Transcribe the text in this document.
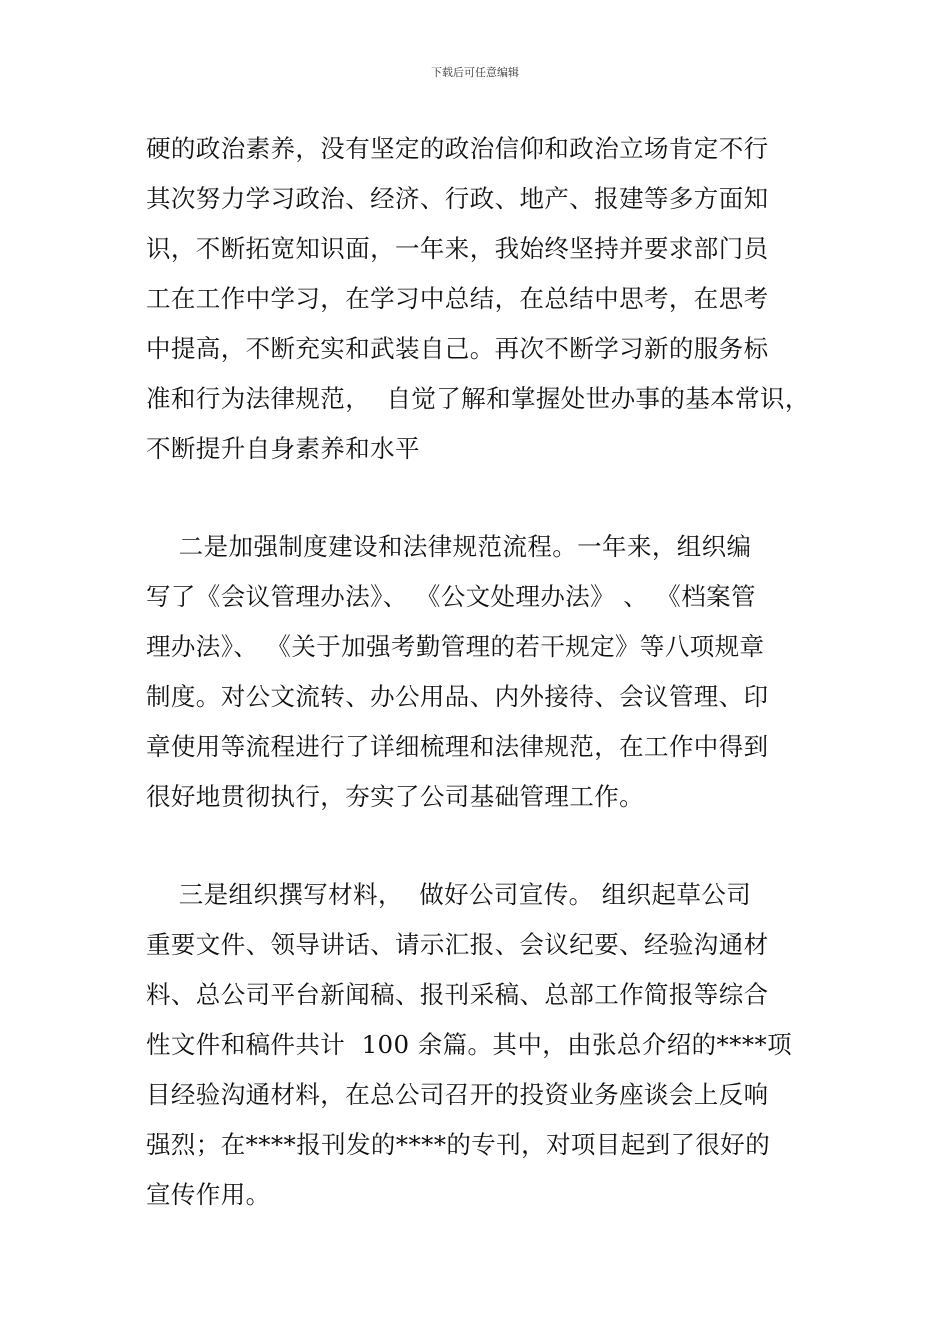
下载后可任意编辑
硬的政治素养，没有坚定的政治信仰和政治立场肯定不行
其次努力学习政治、经济、行政、地产、报建等多方面知
识，不断拓宽知识面，一年来，我始终坚持并要求部门员
工在工作中学习，在学习中总结，在总结中思考，在思考
中提高，不断充实和武装自己。再次不断学习新的服务标
准和行为法律规范，  自觉了解和掌握处世办事的基本常识，
不断提升自身素养和水平
二是加强制度建设和法律规范流程。一年来，组织编
写了《会议管理办法》、 《公文处理办法》 、 《档案管
理办法》、 《关于加强考勤管理的若干规定》等八项规章
制度。对公文流转、办公用品、内外接待、会议管理、印
章使用等流程进行了详细梳理和法律规范，在工作中得到
很好地贯彻执行，夯实了公司基础管理工作。
三是组织撰写材料，  做好公司宣传。 组织起草公司
重要文件、领导讲话、请示汇报、会议纪要、经验沟通材
料、总公司平台新闻稿、报刊采稿、总部工作简报等综合
性文件和稿件共计  100 余篇。其中，由张总介绍的****项
目经验沟通材料，在总公司召开的投资业务座谈会上反响
强烈；在****报刊发的****的专刊，对项目起到了很好的
宣传作用。
